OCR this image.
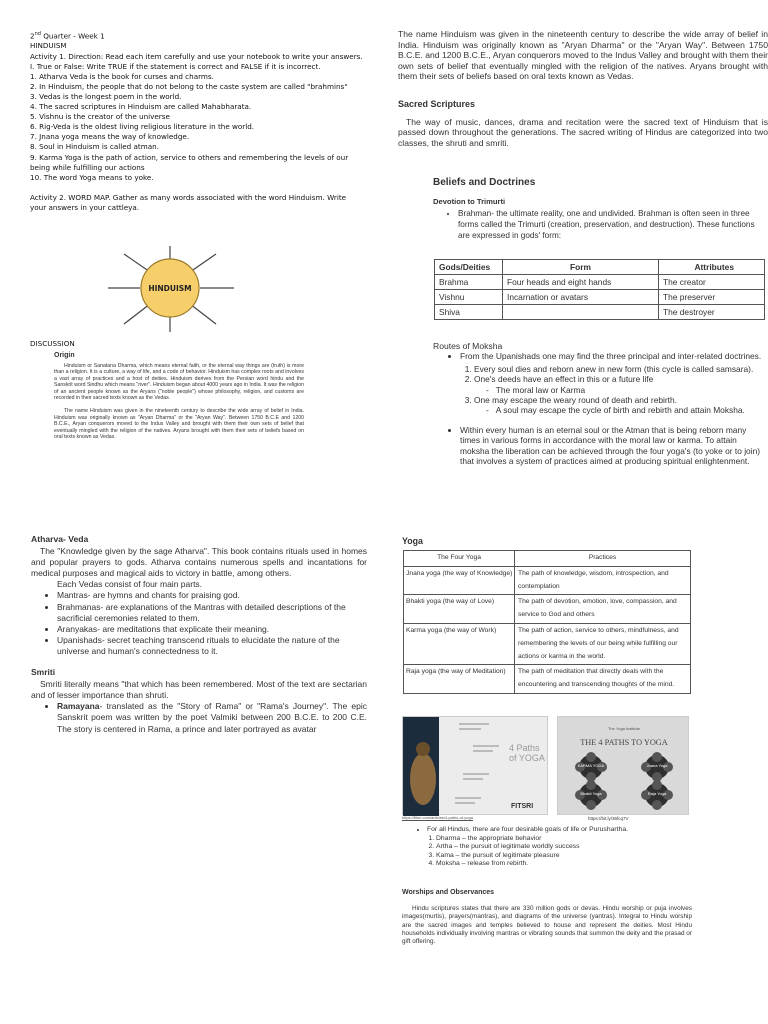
2nd Quarter - Week 1
HINDUISM
Activity 1. Direction: Read each item carefully and use your notebook to write your answers.
I. True or False: Write TRUE if the statement is correct and FALSE if it is incorrect.
1. Atharva Veda is the book for curses and charms.
2. In Hinduism, the people that do not belong to the caste system are called "brahmins"
3. Vedas is the longest poem in the world.
4. The sacred scriptures in Hinduism are called Mahabharata.
5. Vishnu is the creator of the universe
6. Rig-Veda is the oldest living religious literature in the world.
7. Jnana yoga means the way of knowledge.
8. Soul in Hinduism is called atman.
9. Karma Yoga is the path of action, service to others and remembering the levels of our
being while fulfilling our actions
10. The word Yoga means to yoke.
Activity 2. WORD MAP. Gather as many words associated with the word Hinduism. Write
your answers in your cattleya.
HINDUISM
DISCUSSION
Origin

Hinduism or Sanatana Dharma, which means eternal faith, or the eternal way things are (truth) is more than a religion. It is a culture, a way of life, and a code of behavior. Hinduism has complex roots and involves a vast array of practices and a host of deities. Hinduism derives from the Persian word hindu and the Sanskrit word Sindhu which means "river". Hinduism began about 4000 years ago in India. It was the religion of an ancient people known as the Aryans ("noble people") whose philosophy, religion, and customs are recorded in their sacred texts known as the Vedas.

The name Hinduism was given in the nineteenth century to describe the wide array of belief in India. Hinduism was originally known as "Aryan Dharma" or the "Aryan Way". Between 1750 B.C.E and 1200 B.C.E., Aryan conquerors moved to the Indus Valley and brought with them their own sets of belief that eventually mingled with the religion of the natives. Aryans brought with them their sets of beliefs based on oral texts known as Vedas.

The name Hinduism was given in the nineteenth century to describe the wide array of belief in India. Hinduism was originally known as "Aryan Dharma" or the "Aryan Way". Between 1750 B.C.E. and 1200 B.C.E., Aryan conquerors moved to the Indus Valley and brought with them their own sets of belief that eventually mingled with the religion of the natives. Aryans brought with them their sets of beliefs based on oral texts known as Vedas.

Sacred Scriptures

The way of music, dances, drama and recitation were the sacred text of Hinduism that is passed down throughout the generations. The sacred writing of Hindus are categorized into two classes, the shruti and smriti.

Beliefs and Doctrines
Devotion to Trimurti
• Brahman- the ultimate reality, one and undivided. Brahman is often seen in three forms called the Trimurti (creation, preservation, and destruction). These functions are expressed in gods' form:
Gods/Deities	Form	Attributes
Brahma	Four heads and eight hands	The creator
Vishnu	Incarnation or avatars	The preserver
Shiva		The destroyer
Routes of Moksha
• From the Upanishads one may find the three principal and inter-related doctrines.
1. Every soul dies and reborn anew in new form (this cycle is called samsara).
2. One's deeds have an effect in this or a future life
-   The moral law or Karma
3. One may escape the weary round of death and rebirth.
-   A soul may escape the cycle of birth and rebirth and attain Moksha.
• Within every human is an eternal soul or the Atman that is being reborn many times in various forms in accordance with the moral law or karma. To attain moksha the liberation can be achieved through the four yoga's (to yoke or to join) that involves a system of practices aimed at producing spiritual enlightenment.
Atharva- Veda

The "Knowledge given by the sage Atharva". This book contains rituals used in homes and popular prayers to gods. Atharva contains numerous spells and incantations for medical purposes and magical aids to victory in battle, among others.

Each Vedas consist of four main parts.
• Mantras- are hymns and chants for praising god.
• Brahmanas- are explanations of the Mantras with detailed descriptions of the sacrificial ceremonies related to them.
• Aranyakas- are meditations that explicate their meaning.
• Upanishads- secret teaching transcend rituals to elucidate the nature of the universe and human's connectedness to it.
Smriti

Smriti literally means "that which has been remembered. Most of the text are sectarian and of lesser importance than shruti.

• Ramayana- translated as the "Story of Rama" or "Rama's Journey". The epic Sanskrit poem was written by the poet Valmiki between 200 B.C.E. to 200 C.E. The story is centered in Rama, a prince and later portrayed as avatar
Yoga
The Four Yoga	Practices
Jnana yoga (the way of Knowledge)	The path of knowledge, wisdom, introspection, and contemplation
Bhakti yoga (the way of Love)	The path of devotion, emotion, love, compassion, and service to God and others
Karma yoga (the way of Work)	The path of action, service to others, mindfulness, and remembering the levels of our being while fulfilling our actions or karma in the world.
Raja yoga (the way of Meditation)	The path of meditation that directly deals with the encountering and transcending thoughts of the mind.
4 Paths of YOGA
FITSRI
https://fitsri.com/articles/4-paths-of-yoga
The Yoga Institute
THE 4 PATHS TO YOGA
KARMA YOGA	Jnana Yoga
Bhakti Yoga	Raja Yoga
https://bit.ly/36fcq7V
• For all Hindus, there are four desirable goals of life or Purushartha.
1. Dharma – the appropriate behavior
2. Artha – the pursuit of legitimate worldly success
3. Kama – the pursuit of legitimate pleasure
4. Moksha – release from rebirth.
Worships and Observances

Hindu scriptures states that there are 330 million gods or devas. Hindu worship or puja involves images(murtis), prayers(mantras), and diagrams of the universe (yantras). Integral to Hindu worship are the sacred images and temples believed to house and represent the deities. Most Hindu households individually involving mantras or vibrating sounds that summon the deity and the prasad or gift offering.
